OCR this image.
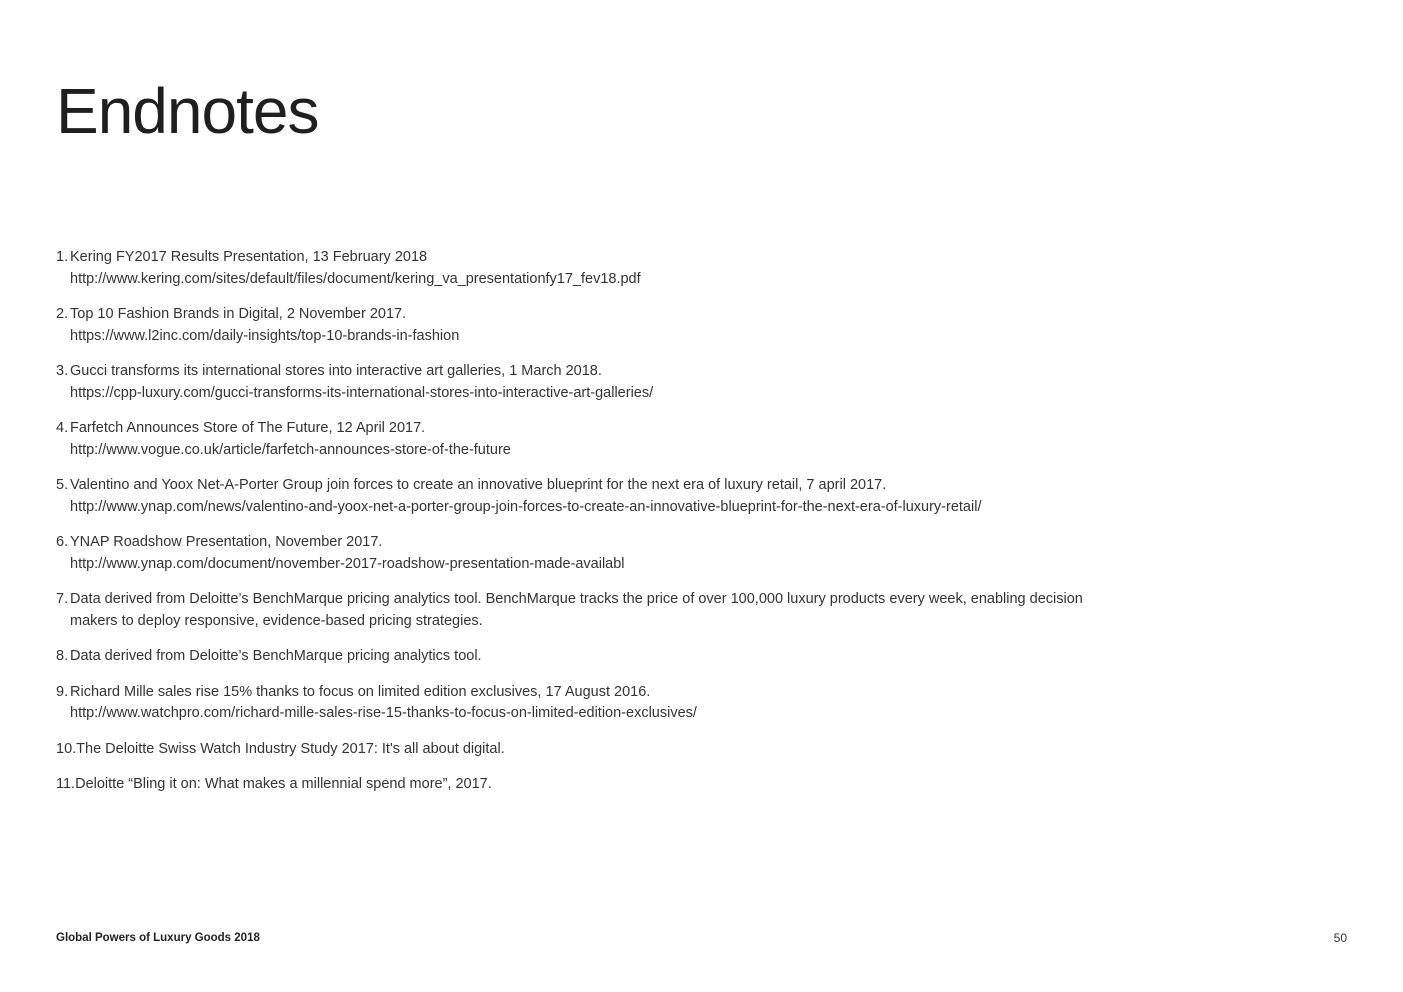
Endnotes
1. Kering FY2017 Results Presentation, 13 February 2018
http://www.kering.com/sites/default/files/document/kering_va_presentationfy17_fev18.pdf
2. Top 10 Fashion Brands in Digital, 2 November 2017.
https://www.l2inc.com/daily-insights/top-10-brands-in-fashion
3. Gucci transforms its international stores into interactive art galleries, 1 March 2018.
https://cpp-luxury.com/gucci-transforms-its-international-stores-into-interactive-art-galleries/
4. Farfetch Announces Store of The Future, 12 April 2017.
http://www.vogue.co.uk/article/farfetch-announces-store-of-the-future
5. Valentino and Yoox Net-A-Porter Group join forces to create an innovative blueprint for the next era of luxury retail, 7 april 2017.
http://www.ynap.com/news/valentino-and-yoox-net-a-porter-group-join-forces-to-create-an-innovative-blueprint-for-the-next-era-of-luxury-retail/
6. YNAP Roadshow Presentation, November 2017.
http://www.ynap.com/document/november-2017-roadshow-presentation-made-availabl
7. Data derived from Deloitte’s BenchMarque pricing analytics tool. BenchMarque tracks the price of over 100,000 luxury products every week, enabling decision makers to deploy responsive, evidence-based pricing strategies.
8. Data derived from Deloitte’s BenchMarque pricing analytics tool.
9. Richard Mille sales rise 15% thanks to focus on limited edition exclusives, 17 August 2016.
http://www.watchpro.com/richard-mille-sales-rise-15-thanks-to-focus-on-limited-edition-exclusives/
10. The Deloitte Swiss Watch Industry Study 2017: It's all about digital.
11. Deloitte “Bling it on: What makes a millennial spend more”, 2017.
Global Powers of Luxury Goods 2018	50
